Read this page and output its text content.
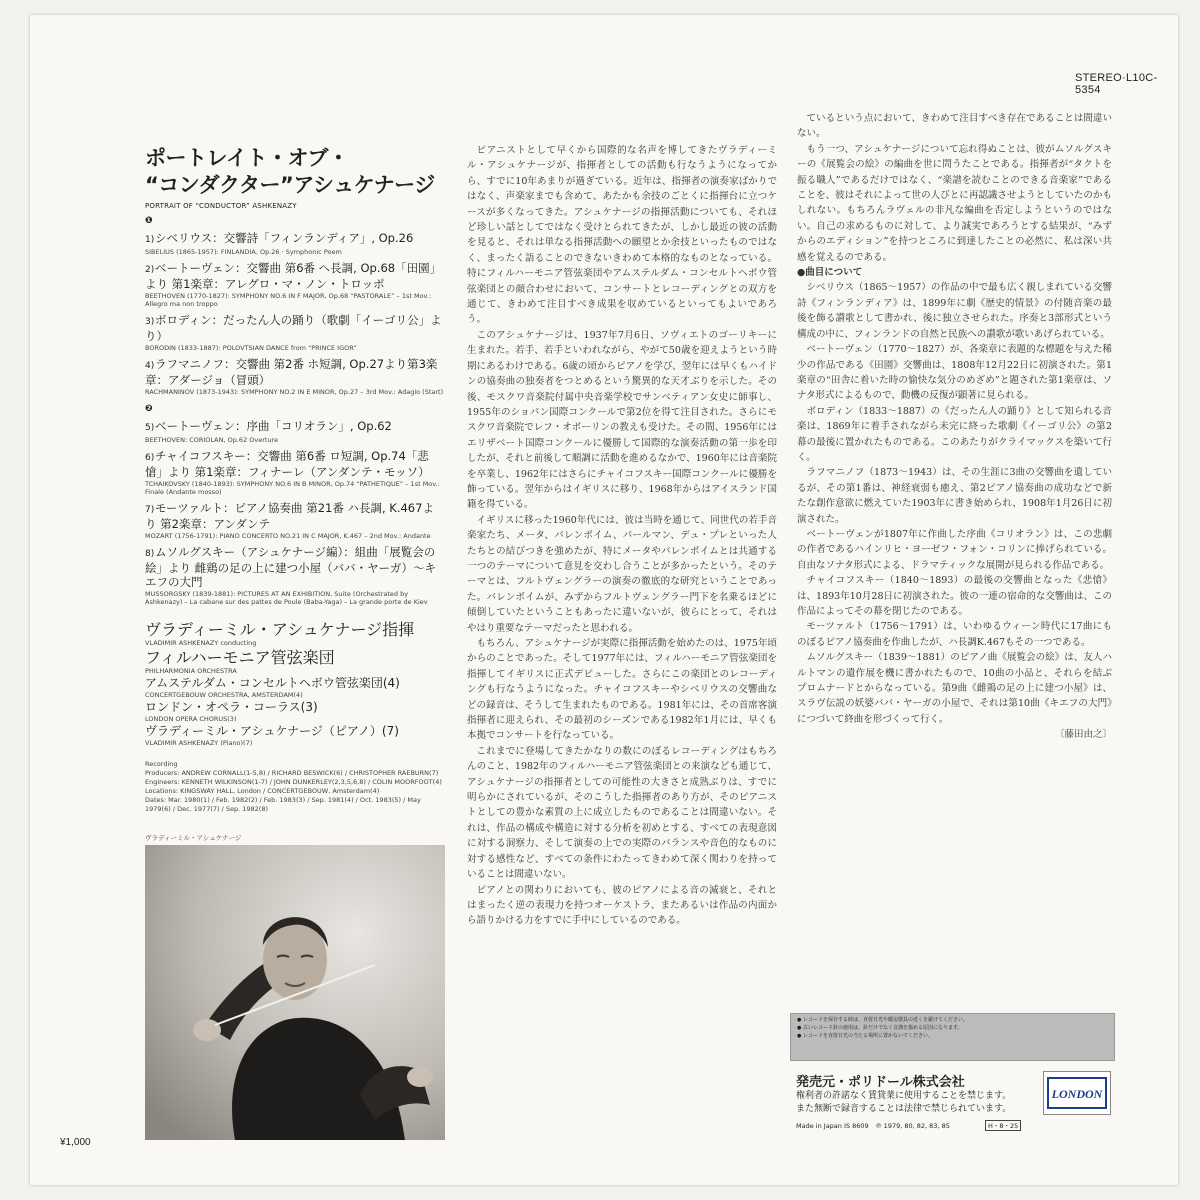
STEREO·L10C-5354
ポートレイト・オブ・
“コンダクター”アシュケナージ
PORTRAIT OF “CONDUCTOR” ASHKENAZY
❶
1)シベリウス：交響詩「フィンランディア」, Op.26
SIBELIUS (1865-1957): FINLANDIA, Op.26 · Symphonic Poem
2)ベートーヴェン：交響曲 第6番 ヘ長調, Op.68「田園」より 第1楽章：アレグロ・マ・ノン・トロッポ
BEETHOVEN (1770-1827): SYMPHONY NO.6 IN F MAJOR, Op.68 “PASTORALE” – 1st Mov.: Allegro ma non troppo
3)ボロディン：だったん人の踊り（歌劇「イーゴリ公」より）
BORODIN (1833-1887): POLOVTSIAN DANCE from “PRINCE IGOR”
4)ラフマニノフ：交響曲 第2番 ホ短調, Op.27より第3楽章：アダージョ（冒頭）
RACHMANINOV (1873-1943): SYMPHONY NO.2 IN E MINOR, Op.27 – 3rd Mov.: Adagio (Start)
❷
5)ベートーヴェン：序曲「コリオラン」, Op.62
BEETHOVEN: CORIOLAN, Op.62 Overture
6)チャイコフスキー：交響曲 第6番 ロ短調, Op.74「悲愴」より 第1楽章：フィナーレ（アンダンテ・モッソ）
TCHAIKOVSKY (1840-1893): SYMPHONY NO.6 IN B MINOR, Op.74 “PATHETIQUE” – 1st Mov.: Finale (Andante mosso)
7)モーツァルト：ピアノ協奏曲 第21番 ハ長調, K.467より 第2楽章：アンダンテ
MOZART (1756-1791): PIANO CONCERTO NO.21 IN C MAJOR, K.467 – 2nd Mov.: Andante
8)ムソルグスキー（アシュケナージ編）：組曲「展覧会の絵」より 雌鶏の足の上に建つ小屋（ババ・ヤーガ）～キエフの大門
MUSSORGSKY (1839-1881): PICTURES AT AN EXHIBITION, Suite (Orchestrated by Ashkenazy) – La cabane sur des pattes de Poule (Baba-Yaga) – La grande porte de Kiev
ヴラディーミル・アシュケナージ指揮
VLADIMIR ASHKENAZY conducting
フィルハーモニア管弦楽団
PHILHARMONIA ORCHESTRA
アムステルダム・コンセルトヘボウ管弦楽団(4)
CONCERTGEBOUW ORCHESTRA, AMSTERDAM(4)
ロンドン・オペラ・コーラス(3)
LONDON OPERA CHORUS(3)
ヴラディーミル・アシュケナージ（ピアノ）(7)
VLADIMIR ASHKENAZY (Piano)(7)
Recording
Producers: ANDREW CORNALL(1-5,8) / RICHARD BESWICK(6) / CHRISTOPHER RAEBURN(7)
Engineers: KENNETH WILKINSON(1-7) / JOHN DUNKERLEY(2,3,5,6,8) / COLIN MOORFOOT(4)
Locations: KINGSWAY HALL, London / CONCERTGEBOUW, Amsterdam(4)
Dates: Mar. 1980(1) / Feb. 1982(2) / Feb. 1983(3) / Sep. 1981(4) / Oct. 1983(5) / May 1979(6) / Dec. 1977(7) / Sep. 1982(8)
ヴラディーミル・アシュケナージ

ピアニストとして早くから国際的な名声を博してきたヴラディーミル・アシュケナージが、指揮者としての活動も行なうようになってから、すでに10年あまりが過ぎている。近年は、指揮者の演奏家ばかりではなく、声楽家までも含めて、あたかも余技のごとくに指揮台に立つケースが多くなってきた。アシュケナージの指揮活動についても、それほど珍しい話としてではなく受けとられてきたが、しかし最近の彼の活動を見ると、それは単なる指揮活動への願望とか余技といったものではなく、まったく語ることのできないきわめて本格的なものとなっている。特にフィルハーモニア管弦楽団やアムステルダム・コンセルトヘボウ管弦楽団との顔合わせにおいて、コンサートとレコーディングとの双方を通じて、きわめて注目すべき成果を収めているといってもよいであろう。

このアシュケナージは、1937年7月6日、ソヴィエトのゴーリキーに生まれた。若手、若手といわれながら、やがて50歳を迎えようという時期にあるわけである。6歳の頃からピアノを学び、翌年には早くもハイドンの協奏曲の独奏者をつとめるという驚異的な天才ぶりを示した。その後、モスクワ音楽院付属中央音楽学校でサンベティアン女史に師事し、1955年のショパン国際コンクールで第2位を得て注目された。さらにモスクワ音楽院でレフ・オボーリンの教えも受けた。その間、1956年にはエリザベート国際コンクールに優勝して国際的な演奏活動の第一歩を印したが、それと前後して順調に活動を進めるなかで、1960年には音楽院を卒業し、1962年にはさらにチャイコフスキー国際コンクールに優勝を飾っている。翌年からはイギリスに移り、1968年からはアイスランド国籍を得ている。

イギリスに移った1960年代には、彼は当時を通じて、同世代の若手音楽家たち、メータ、バレンボイム、パールマン、デュ・プレといった人たちとの結びつきを強めたが、特にメータやバレンボイムとは共通する一つのテーマについて意見を交わし合うことが多かったという。そのテーマとは、フルトヴェングラーの演奏の徹底的な研究ということであった。バレンボイムが、みずからフルトヴェングラー門下を名乗るほどに傾倒していたということもあったに違いないが、彼らにとって、それはやはり重要なテーマだったと思われる。

もちろん、アシュケナージが実際に指揮活動を始めたのは、1975年頃からのことであった。そして1977年には、フィルハーモニア管弦楽団を指揮してイギリスに正式デビューした。さらにこの楽団とのレコーディングも行なうようになった。チャイコフスキーやシベリウスの交響曲などの録音は、そうして生まれたものである。1981年には、その首席客演指揮者に迎えられ、その最初のシーズンである1982年1月には、早くも本拠でコンサートを行なっている。

これまでに登場してきたかなりの数にのぼるレコーディングはもちろんのこと、1982年のフィルハーモニア管弦楽団との来演なども通じて、アシュケナージの指揮者としての可能性の大きさと成熟ぶりは、すでに明らかにされているが、そのこうした指揮者のあり方が、そのピアニストとしての豊かな素質の上に成立したものであることは間違いない。それは、作品の構成や構造に対する分析を初めとする、すべての表現意図に対する洞察力、そして演奏の上での実際のバランスや音色的なものに対する感性など、すべての条件にわたってきわめて深く関わりを持っていることは間違いない。

ピアノとの関わりにおいても、彼のピアノによる音の減衰と、それとはまったく逆の表現力を持つオーケストラ、またあるいは作品の内面から語りかける力をすでに手中にしているのである。

ているという点において、きわめて注目すべき存在であることは間違いない。

もう一つ、アシュケナージについて忘れ得ぬことは、彼がムソルグスキーの《展覧会の絵》の編曲を世に問うたことである。指揮者が“タクトを振る職人”であるだけではなく、“楽譜を読むことのできる音楽家”であることを、彼はそれによって世の人びとに再認識させようとしていたのかもしれない。もちろんラヴェルの非凡な編曲を否定しようというのではない。自己の求めるものに対して、より誠実であろうとする結果が、“みずからのエディション”を持つところに到達したことの必然に、私は深い共感を覚えるのである。

●曲目について

シベリウス（1865～1957）の作品の中で最も広く親しまれている交響詩《フィンランディア》は、1899年に劇《歴史的情景》の付随音楽の最後を飾る讃歌として書かれ、後に独立させられた。序奏と3部形式という構成の中に、フィンランドの自然と民族への讃歌が歌いあげられている。

ベートーヴェン（1770～1827）が、各楽章に表題的な標題を与えた稀少の作品である《田園》交響曲は、1808年12月22日に初演された。第1楽章の“田舎に着いた時の愉快な気分のめざめ”と題された第1楽章は、ソナタ形式によるもので、動機の反復が顕著に見られる。

ボロディン（1833～1887）の《だったん人の踊り》として知られる音楽は、1869年に着手されながら未完に終った歌劇《イーゴリ公》の第2幕の最後に置かれたものである。このあたりがクライマックスを築いて行く。

ラフマニノフ（1873～1943）は、その生涯に3曲の交響曲を遺しているが、その第1番は、神経衰弱も癒え、第2ピアノ協奏曲の成功などで新たな創作意欲に燃えていた1903年に書き始められ、1908年1月26日に初演された。

ベートーヴェンが1807年に作曲した序曲《コリオラン》は、この悲劇の作者であるハインリヒ・ヨーゼフ・フォン・コリンに捧げられている。自由なソナタ形式による、ドラマティックな展開が見られる作品である。

チャイコフスキー（1840～1893）の最後の交響曲となった《悲愴》は、1893年10月28日に初演された。彼の一連の宿命的な交響曲は、この作品によってその幕を閉じたのである。

モーツァルト（1756～1791）は、いわゆるウィーン時代に17曲にものぼるピアノ協奏曲を作曲したが、ハ長調K.467もその一つである。

ムソルグスキー（1839～1881）のピアノ曲《展覧会の絵》は、友人ハルトマンの遺作展を機に書かれたもので、10曲の小品と、それらを結ぶプロムナードとからなっている。第9曲《雌鶏の足の上に建つ小屋》は、スラヴ伝説の妖婆ババ・ヤーガの小屋で、それは第10曲《キエフの大門》につづいて終曲を形づくって行く。

〔藤田由之〕

● レコードを保存する時は、直射日光や暖房器具の近くを避けてください。
● 古いレコード針の使用は、針だけでなく音溝を傷める原因になります。
● レコードを直射日光の当たる場所に置かないでください。
発売元・ポリドール株式会社
権利者の許諾なく賃貸業に使用することを禁じます。
また無断で録音することは法律で禁じられています。
Made in Japan IS 8609　℗ 1979, 80, 82, 83, 85	H・8・25
LONDON
¥1,000
